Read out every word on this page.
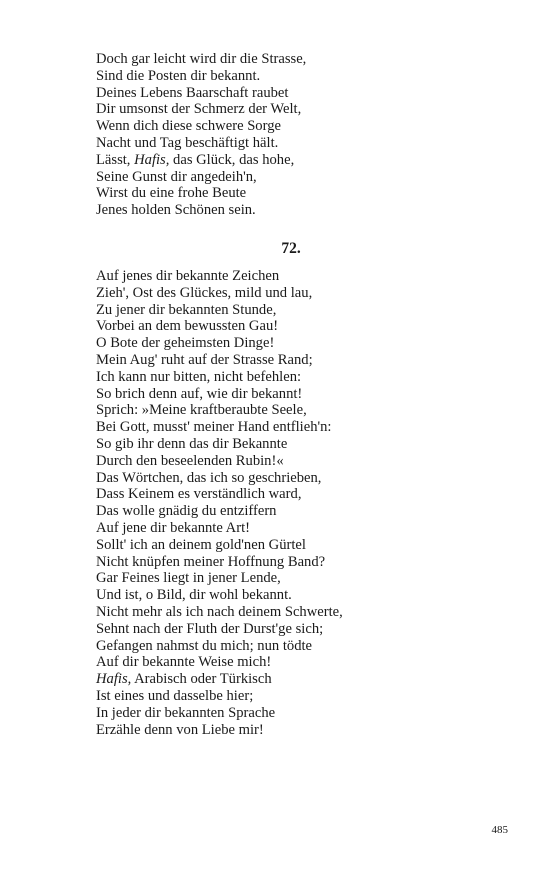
Doch gar leicht wird dir die Strasse,
Sind die Posten dir bekannt.
Deines Lebens Baarschaft raubet
Dir umsonst der Schmerz der Welt,
Wenn dich diese schwere Sorge
Nacht und Tag beschäftigt hält.
Lässt, Hafis, das Glück, das hohe,
Seine Gunst dir angedeih'n,
Wirst du eine frohe Beute
Jenes holden Schönen sein.
72.
Auf jenes dir bekannte Zeichen
Zieh', Ost des Glückes, mild und lau,
Zu jener dir bekannten Stunde,
Vorbei an dem bewussten Gau!
O Bote der geheimsten Dinge!
Mein Aug' ruht auf der Strasse Rand;
Ich kann nur bitten, nicht befehlen:
So brich denn auf, wie dir bekannt!
Sprich: »Meine kraftberaubte Seele,
Bei Gott, musst' meiner Hand entflieh'n:
So gib ihr denn das dir Bekannte
Durch den beseelenden Rubin!«
Das Wörtchen, das ich so geschrieben,
Dass Keinem es verständlich ward,
Das wolle gnädig du entziffern
Auf jene dir bekannte Art!
Sollt' ich an deinem gold'nen Gürtel
Nicht knüpfen meiner Hoffnung Band?
Gar Feines liegt in jener Lende,
Und ist, o Bild, dir wohl bekannt.
Nicht mehr als ich nach deinem Schwerte,
Sehnt nach der Fluth der Durst'ge sich;
Gefangen nahmst du mich; nun tödte
Auf dir bekannte Weise mich!
Hafis, Arabisch oder Türkisch
Ist eines und dasselbe hier;
In jeder dir bekannten Sprache
Erzähle denn von Liebe mir!
485
